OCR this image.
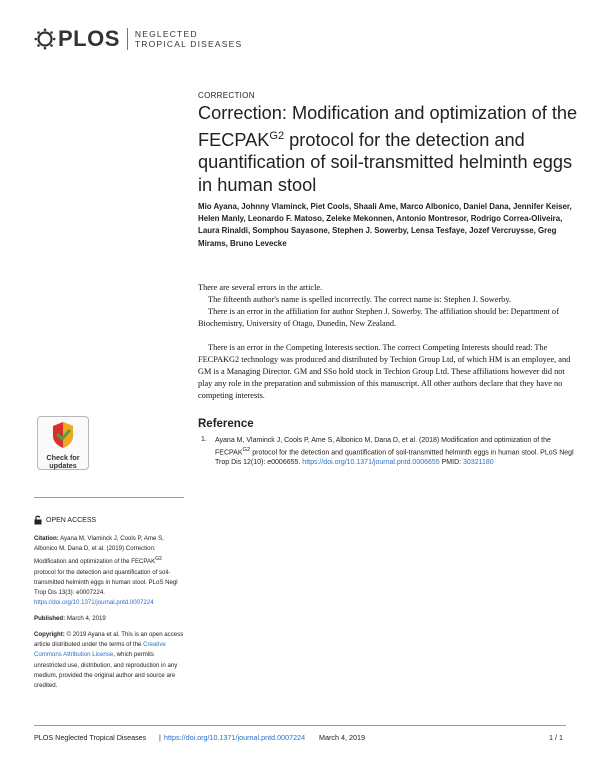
PLOS NEGLECTED
TROPICAL DISEASES
CORRECTION
Correction: Modification and optimization of the $FECPAK^{G2}$ protocol for the detection and quantification of soil-transmitted helminth eggs in human stool
Mio Ayana, Johnny Vlaminck, Piet Cools, Shaali Ame, Marco Albonico, Daniel Dana, Jennifer Keiser, Helen Manly, Leonardo F. Matoso, Zeleke Mekonnen, Antonio Montresor, Rodrigo Correa-Oliveira, Laura Rinaldi, Somphou Sayasone, Stephen J. Sowerby, Lensa Tesfaye, Jozef Vercruysse, Greg Mirams, Bruno Levecke
There are several errors in the article.
The fifteenth author's name is spelled incorrectly. The correct name is: Stephen J. Sowerby.
There is an error in the affiliation for author Stephen J. Sowerby. The affiliation should be: Department of Biochemistry, University of Otago, Dunedin, New Zealand.
There is an error in the Competing Interests section. The correct Competing Interests should read: The FECPAKG2 technology was produced and distributed by Techion Group Ltd, of which HM is an employee, and GM is a Managing Director. GM and SSo hold stock in Techion Group Ltd. These affiliations however did not play any role in the preparation and submission of this manuscript. All other authors declare that they have no competing interests.
Reference
1. Ayana M, Vlaminck J, Cools P, Ame S, Albonico M, Dana D, et al. (2018) Modification and optimization of the $FECPAK^{G2}$ protocol for the detection and quantification of soil-transmitted helminth eggs in human stool. PLoS Negl Trop Dis 12(10): e0006655. https://doi.org/10.1371/journal.pntd.0006655 PMID: 30321180
Check for updates
OPEN ACCESS
Citation: Ayana M, Vlaminck J, Cools P, Ame S, Albonico M, Dana D, et al. (2019) Correction: Modification and optimization of the $FECPAK^{G2}$ protocol for the detection and quantification of soil-transmitted helminth eggs in human stool. PLoS Negl Trop Dis 13(3): e0007224. https://doi.org/10.1371/journal.pntd.0007224
Published: March 4, 2019
Copyright: © 2019 Ayana et al. This is an open access article distributed under the terms of the Creative Commons Attribution License, which permits unrestricted use, distribution, and reproduction in any medium, provided the original author and source are credited.
PLOS Neglected Tropical Diseases | https://doi.org/10.1371/journal.pntd.0007224 March 4, 2019	1 / 1
